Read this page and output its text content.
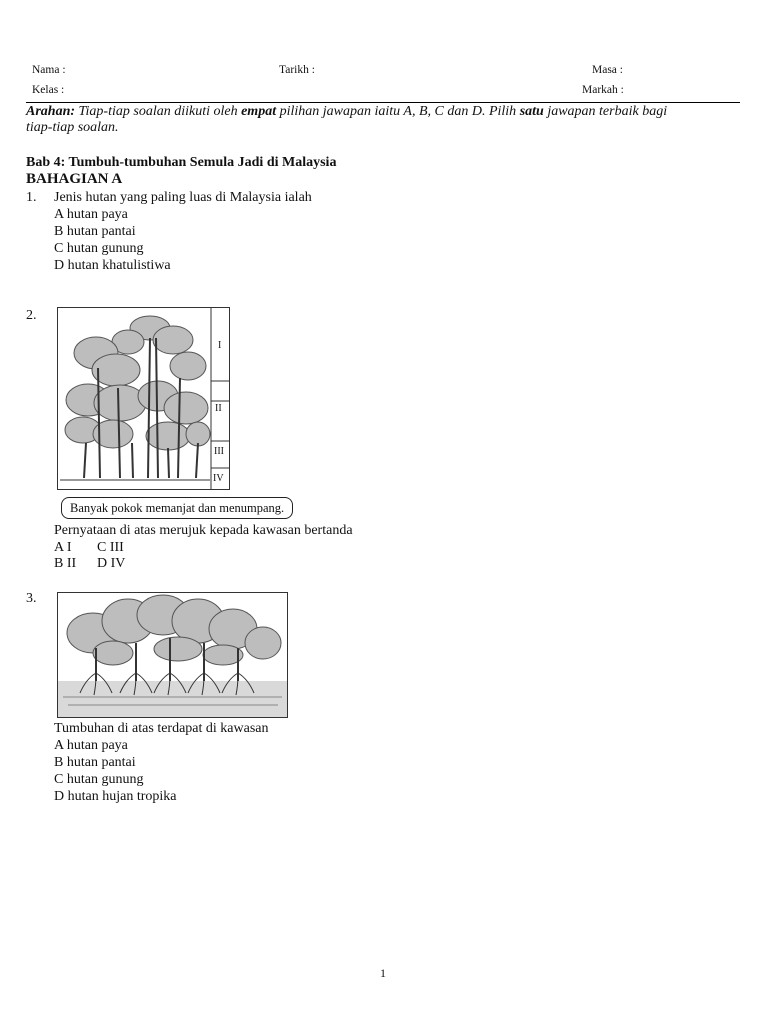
Nama :	Tarikh :	Masa :
Kelas :	Markah :
Arahan: Tiap-tiap soalan diikuti oleh empat pilihan jawapan iaitu A, B, C dan D. Pilih satu jawapan terbaik bagi
tiap-tiap soalan.
Bab 4: Tumbuh-tumbuhan Semula Jadi di Malaysia
BAHAGIAN A
1. Jenis hutan yang paling luas di Malaysia ialah
A hutan paya
B hutan pantai
C hutan gunung
D hutan khatulistiwa
2.
I
II
III
IV
Banyak pokok memanjat dan menumpang.
Pernyataan di atas merujuk kepada kawasan bertanda
A I C III
B II D IV
3.
Tumbuhan di atas terdapat di kawasan
A hutan paya
B hutan pantai
C hutan gunung
D hutan hujan tropika
1
